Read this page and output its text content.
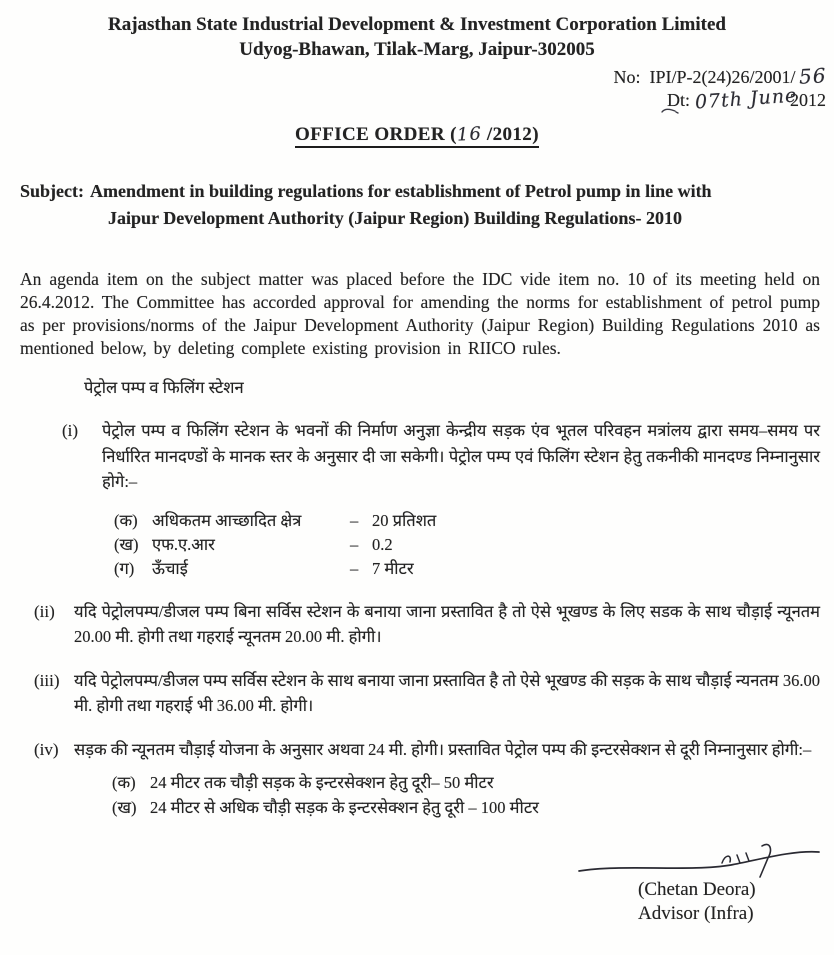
Rajasthan State Industrial Development & Investment Corporation Limited
Udyog-Bhawan, Tilak-Marg, Jaipur-302005
No: IPI/P-2(24)26/2001/ 56
Dt: 07th June2012
OFFICE ORDER (16 /2012)
Subject: Amendment in building regulations for establishment of Petrol pump in line with
Jaipur Development Authority (Jaipur Region) Building Regulations- 2010

An agenda item on the subject matter was placed before the IDC vide item no. 10 of its meeting held on 26.4.2012. The Committee has accorded approval for amending the norms for establishment of petrol pump as per provisions/norms of the Jaipur Development Authority (Jaipur Region) Building Regulations 2010 as mentioned below, by deleting complete existing provision in RIICO rules.

पेट्रोल पम्प व फिलिंग स्टेशन
(i)	पेट्रोल पम्प व फिलिंग स्टेशन के भवनों की निर्माण अनुज्ञा केन्द्रीय सड़क एंव भूतल परिवहन मत्रांलय द्वारा समय–समय पर निर्धारित मानदण्डों के मानक स्तर के अनुसार दी जा सकेगी। पेट्रोल पम्प एवं फिलिंग स्टेशन हेतु तकनीकी मानदण्ड निम्नानुसार होगे:–
(क) अधिकतम आच्छादित क्षेत्र	– 20 प्रतिशत
(ख) एफ.ए.आर	– 0.2
(ग)	ऊँचाई	– 7 मीटर
(ii)	यदि पेट्रोलपम्प/डीजल पम्प बिना सर्विस स्टेशन के बनाया जाना प्रस्तावित है तो ऐसे भूखण्ड के लिए सडक के साथ चौड़ाई न्यूनतम 20.00 मी. होगी तथा गहराई न्यूनतम 20.00 मी. होगी।
(iii) यदि पेट्रोलपम्प/डीजल पम्प सर्विस स्टेशन के साथ बनाया जाना प्रस्तावित है तो ऐसे भूखण्ड की सड़क के साथ चौड़ाई न्यनतम 36.00 मी. होगी तथा गहराई भी 36.00 मी. होगी।
(iv) सड़क की न्यूनतम चौड़ाई योजना के अनुसार अथवा 24 मी. होगी। प्रस्तावित पेट्रोल पम्प की इन्टरसेक्शन से दूरी निम्नानुसार होगी:–
(क) 24 मीटर तक चौड़ी सड़क के इन्टरसेक्शन हेतु दूरी– 50 मीटर
(ख) 24 मीटर से अधिक चौड़ी सड़क के इन्टरसेक्शन हेतु दूरी – 100 मीटर
(Chetan Deora)
Advisor (Infra)
